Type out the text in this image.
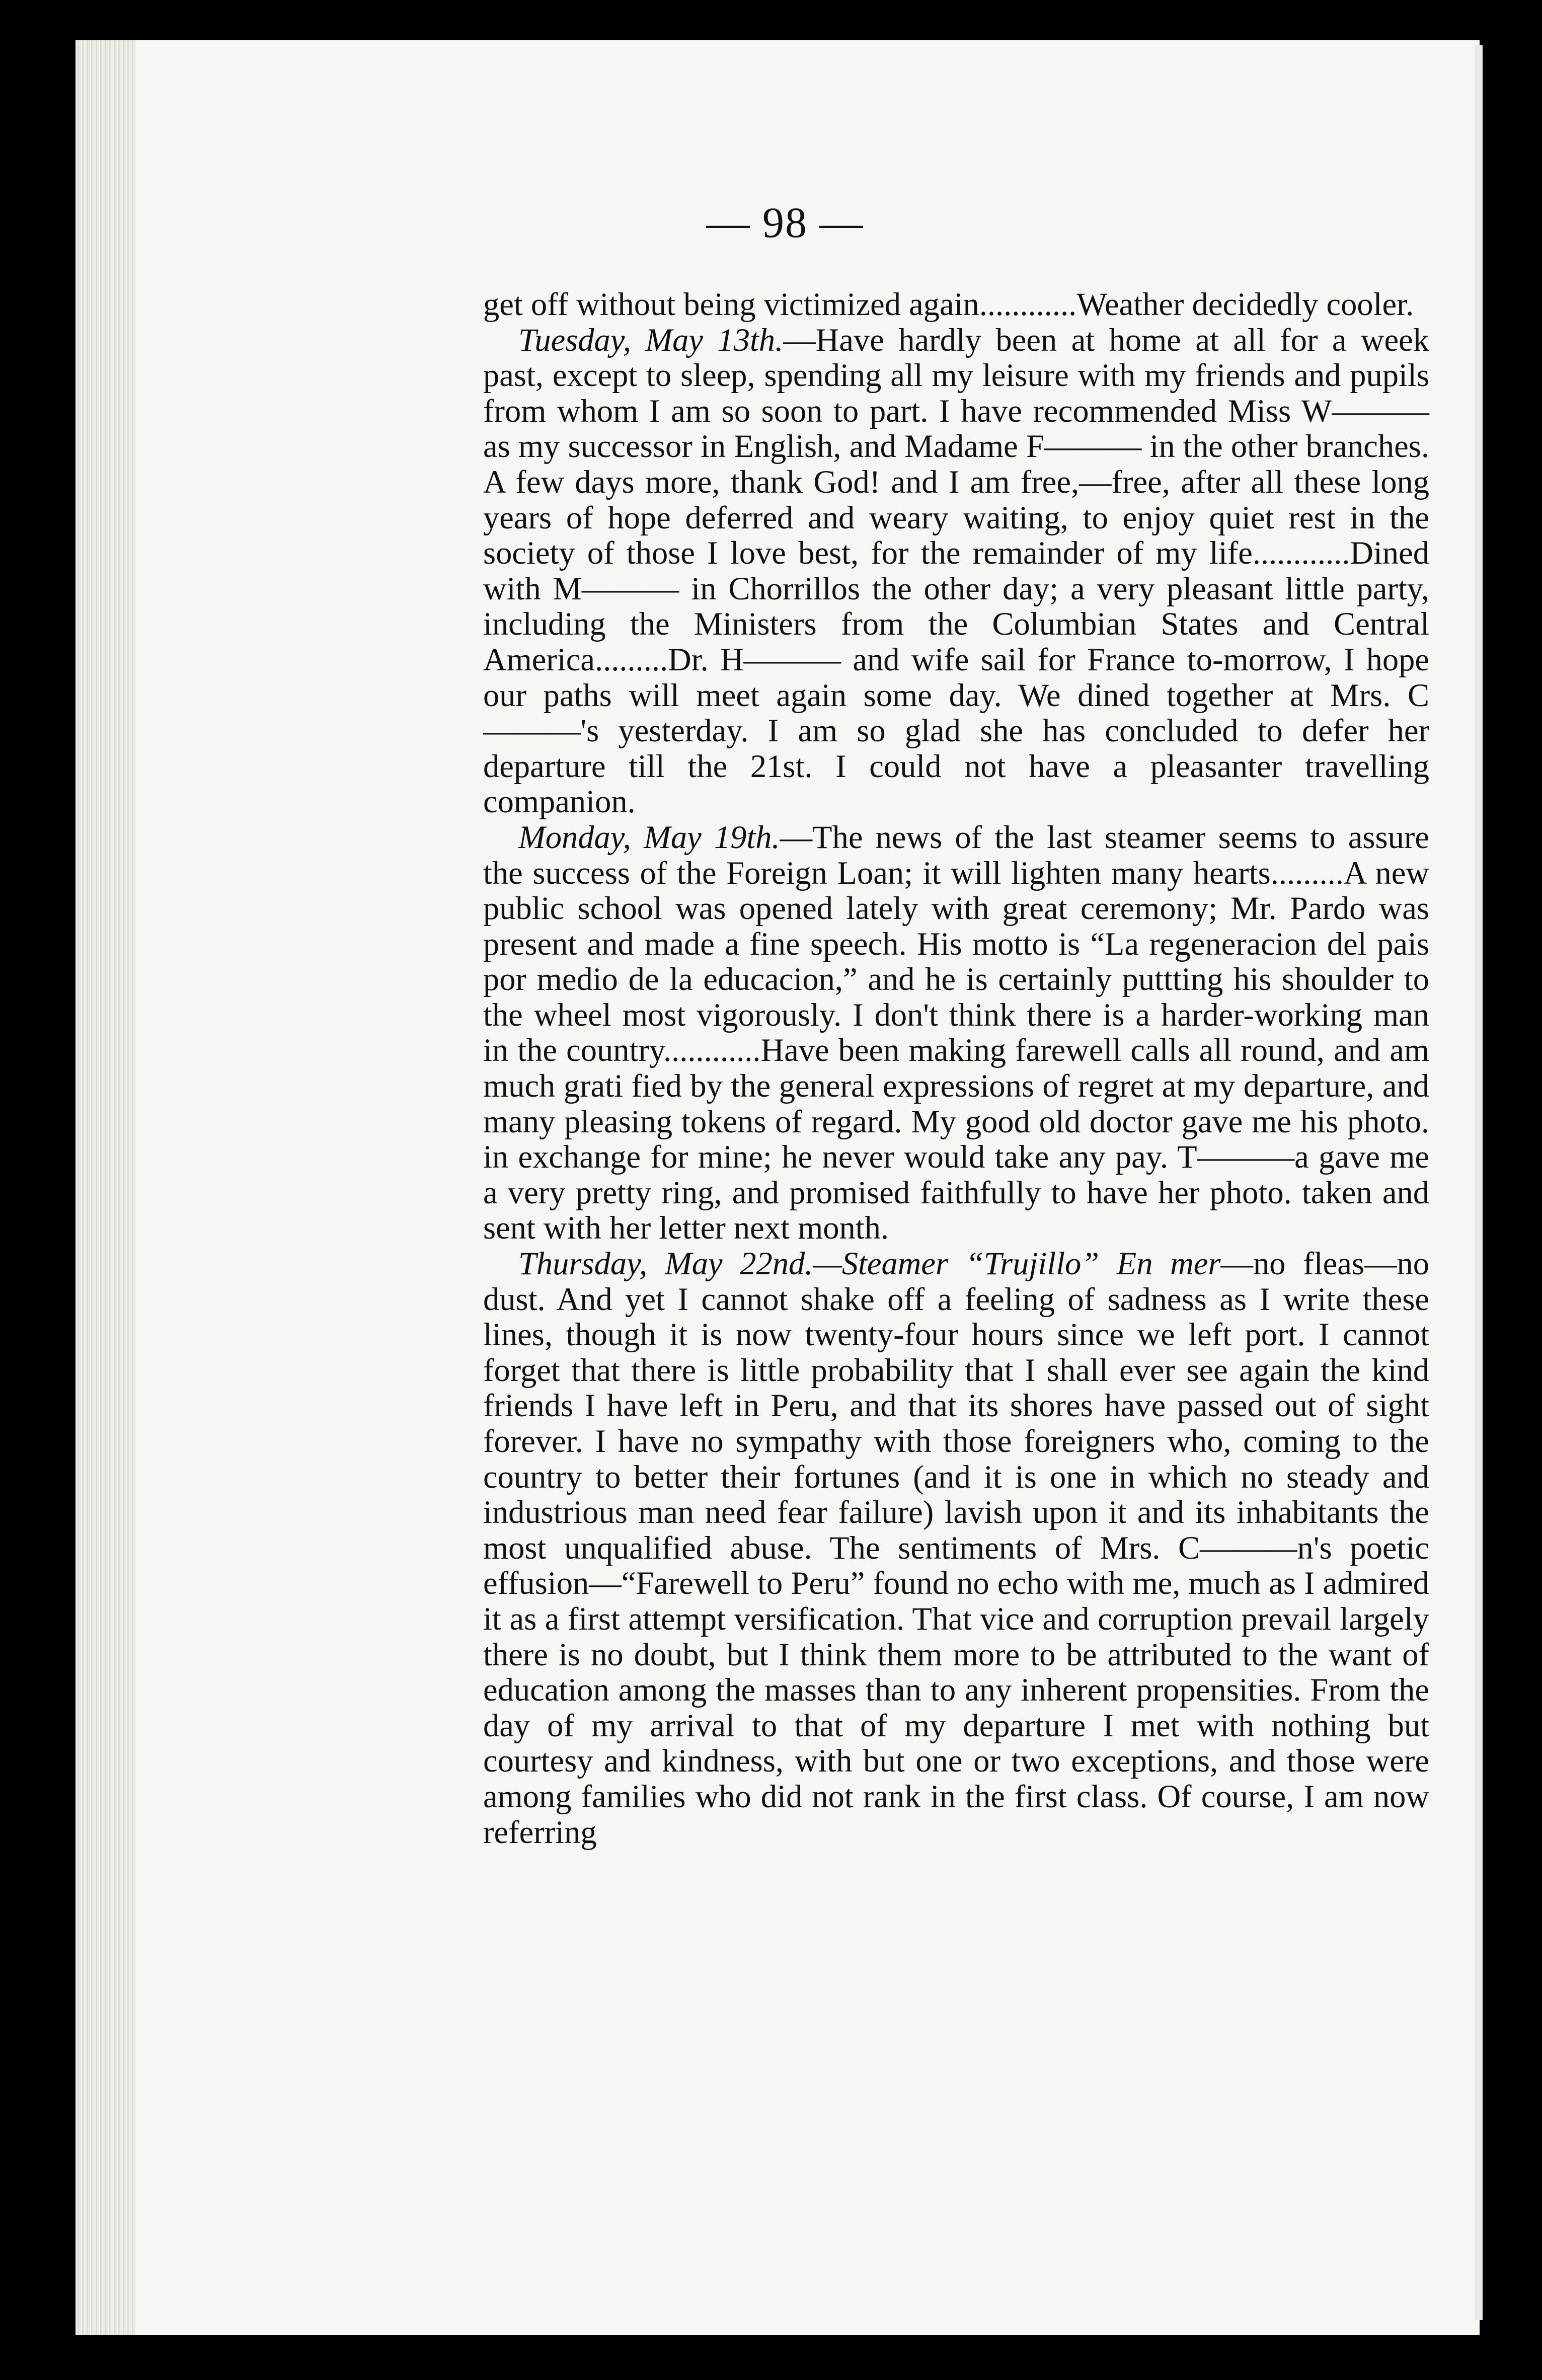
— 98 —

get off without being victimized again............Weather decidedly cooler.

Tuesday, May 13th.—Have hardly been at home at all for a week past, except to sleep, spending all my leisure with my friends and pupils from whom I am so soon to part. I have recommended Miss W——— as my successor in English, and Madame F——— in the other branches. A few days more, thank God! and I am free,—free, after all these long years of hope deferred and weary waiting, to enjoy quiet rest in the society of those I love best, for the remainder of my life............Dined with M——— in Chorrillos the other day; a very pleasant little party, including the Ministers from the Columbian States and Central America.........Dr. H——— and wife sail for France to-morrow, I hope our paths will meet again some day. We dined together at Mrs. C———'s yesterday. I am so glad she has concluded to defer her departure till the 21st. I could not have a pleasanter travelling companion.

Monday, May 19th.—The news of the last steamer seems to assure the success of the Foreign Loan; it will lighten many hearts.........A new public school was opened lately with great ceremony; Mr. Pardo was present and made a fine speech. His motto is “La regeneracion del pais por medio de la educacion,” and he is certainly puttting his shoulder to the wheel most vigorously. I don't think there is a harder-working man in the country............Have been making farewell calls all round, and am much grati fied by the general expressions of regret at my departure, and many pleasing tokens of regard. My good old doctor gave me his photo. in exchange for mine; he never would take any pay. T———a gave me a very pretty ring, and promised faithfully to have her photo. taken and sent with her letter next month.

Thursday, May 22nd.—Steamer “Trujillo” En mer—no fleas—no dust. And yet I cannot shake off a feeling of sadness as I write these lines, though it is now twenty-four hours since we left port. I cannot forget that there is little probability that I shall ever see again the kind friends I have left in Peru, and that its shores have passed out of sight forever. I have no sympathy with those foreigners who, coming to the country to better their fortunes (and it is one in which no steady and industrious man need fear failure) lavish upon it and its inhabitants the most unqualified abuse. The sentiments of Mrs. C———n's poetic effusion—“Farewell to Peru” found no echo with me, much as I admired it as a first attempt versification. That vice and corruption prevail largely there is no doubt, but I think them more to be attributed to the want of education among the masses than to any inherent propensities. From the day of my arrival to that of my departure I met with nothing but courtesy and kindness, with but one or two exceptions, and those were among families who did not rank in the first class. Of course, I am now referring
